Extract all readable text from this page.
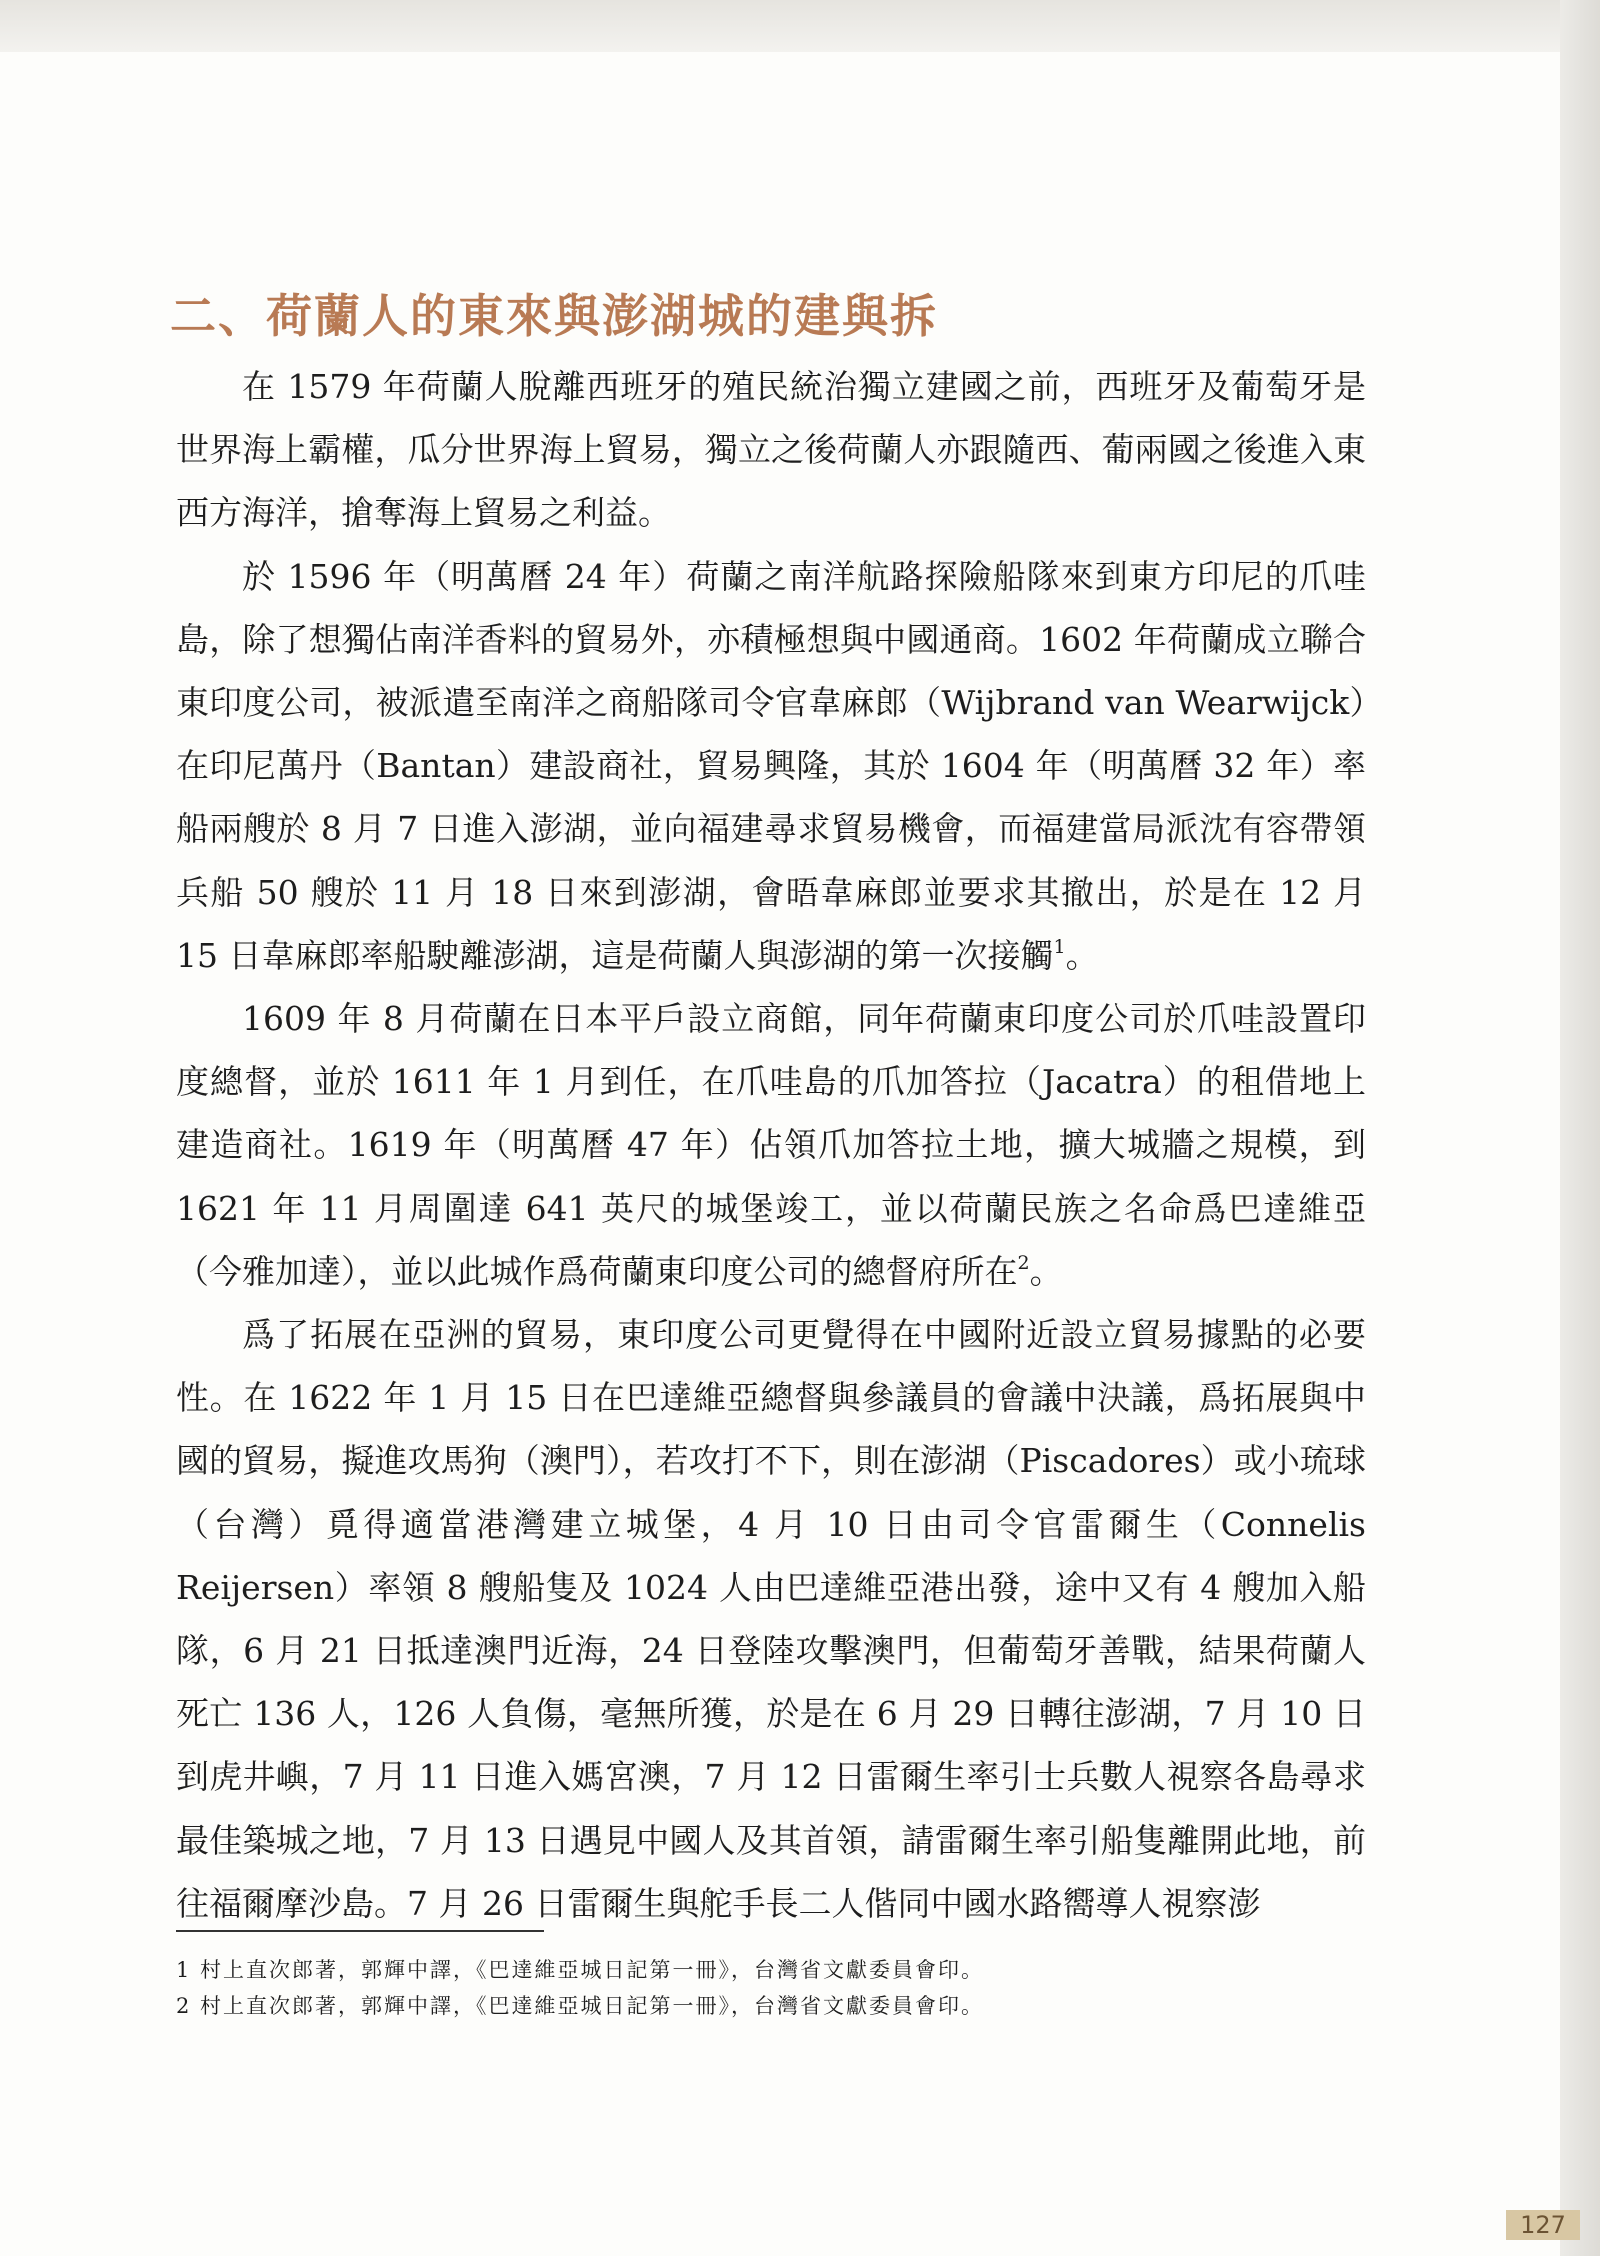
二、荷蘭人的東來與澎湖城的建與拆

在 1579 年荷蘭人脫離西班牙的殖民統治獨立建國之前，西班牙及葡萄牙是世界海上霸權，瓜分世界海上貿易，獨立之後荷蘭人亦跟隨西、葡兩國之後進入東西方海洋，搶奪海上貿易之利益。

於 1596 年（明萬曆 24 年）荷蘭之南洋航路探險船隊來到東方印尼的爪哇島，除了想獨佔南洋香料的貿易外，亦積極想與中國通商。1602 年荷蘭成立聯合東印度公司，被派遣至南洋之商船隊司令官韋麻郎（Wijbrand van Wearwijck）在印尼萬丹（Bantan）建設商社，貿易興隆，其於 1604 年（明萬曆 32 年）率船兩艘於 8 月 7 日進入澎湖，並向福建尋求貿易機會，而福建當局派沈有容帶領兵船 50 艘於 11 月 18 日來到澎湖，會晤韋麻郎並要求其撤出，於是在 12 月 15 日韋麻郎率船駛離澎湖，這是荷蘭人與澎湖的第一次接觸$^1$。

1609 年 8 月荷蘭在日本平戶設立商館，同年荷蘭東印度公司於爪哇設置印度總督，並於 1611 年 1 月到任，在爪哇島的爪加答拉（Jacatra）的租借地上建造商社。1619 年（明萬曆 47 年）佔領爪加答拉土地，擴大城牆之規模，到 1621 年 11 月周圍達 641 英尺的城堡竣工，並以荷蘭民族之名命爲巴達維亞（今雅加達），並以此城作爲荷蘭東印度公司的總督府所在$^2$。

爲了拓展在亞洲的貿易，東印度公司更覺得在中國附近設立貿易據點的必要性。在 1622 年 1 月 15 日在巴達維亞總督與參議員的會議中決議，爲拓展與中國的貿易，擬進攻馬狗（澳門），若攻打不下，則在澎湖（Piscadores）或小琉球（台灣）覓得適當港灣建立城堡，4 月 10 日由司令官雷爾生（Connelis Reijersen）率領 8 艘船隻及 1024 人由巴達維亞港出發，途中又有 4 艘加入船隊，6 月 21 日抵達澳門近海，24 日登陸攻擊澳門，但葡萄牙善戰，結果荷蘭人死亡 136 人，126 人負傷，毫無所獲，於是在 6 月 29 日轉往澎湖，7 月 10 日到虎井嶼，7 月 11 日進入媽宮澳，7 月 12 日雷爾生率引士兵數人視察各島尋求最佳築城之地，7 月 13 日遇見中國人及其首領，請雷爾生率引船隻離開此地，前往福爾摩沙島。7 月 26 日雷爾生與舵手長二人偕同中國水路嚮導人視察澎

1 村上直次郎著，郭輝中譯，《巴達維亞城日記第一冊》，台灣省文獻委員會印。
2 村上直次郎著，郭輝中譯，《巴達維亞城日記第一冊》，台灣省文獻委員會印。
127
